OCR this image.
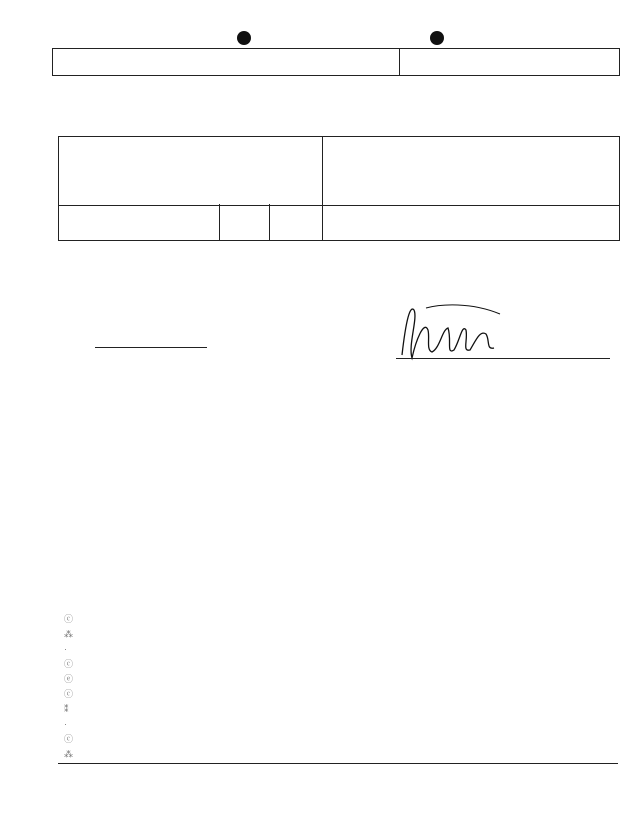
ⓒ
⁂
·
ⓒ
ⓔ
ⓒ
⁑
·
ⓒ
⁂
